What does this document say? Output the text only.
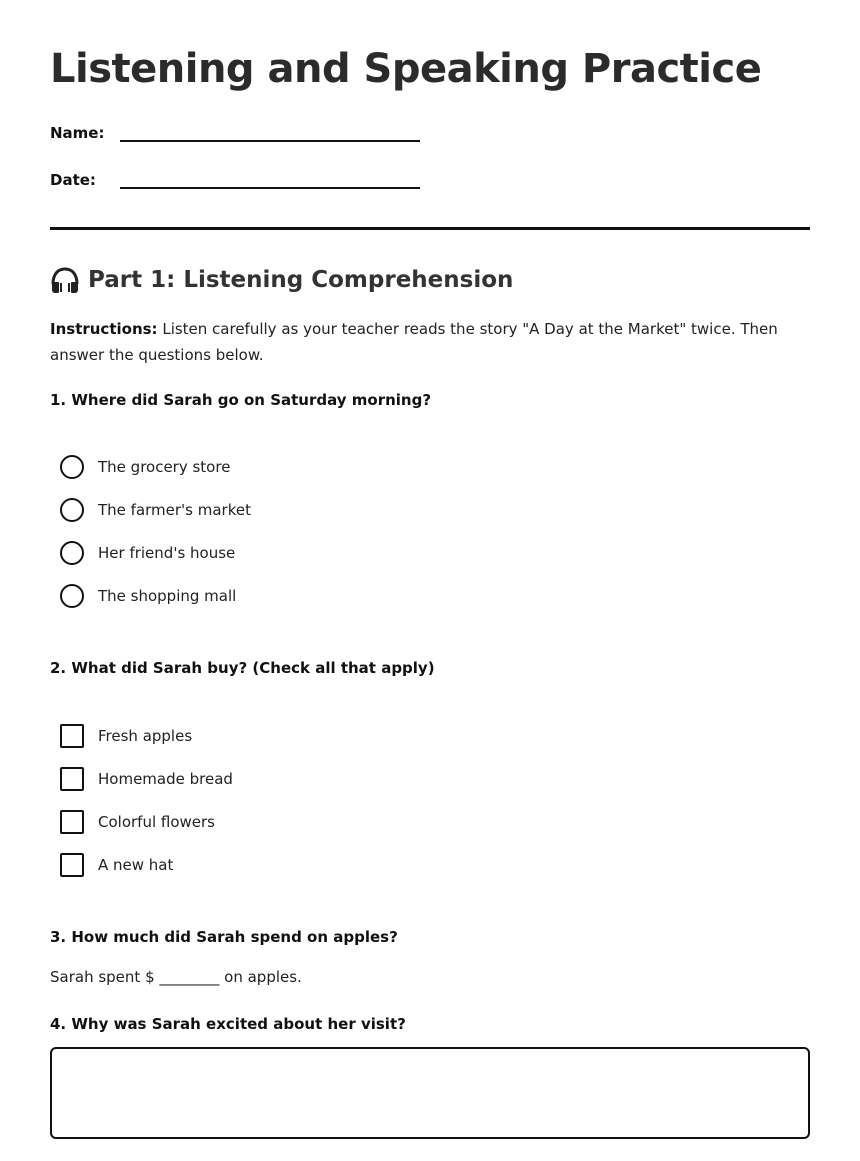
Listening and Speaking Practice
Name:
Date:
Part 1: Listening Comprehension

Instructions: Listen carefully as your teacher reads the story "A Day at the Market" twice. Then answer the questions below.

1. Where did Sarah go on Saturday morning?

The grocery store
The farmer's market
Her friend's house
The shopping mall

2. What did Sarah buy? (Check all that apply)

Fresh apples
Homemade bread
Colorful flowers
A new hat

3. How much did Sarah spend on apples?

Sarah spent $ ________ on apples.

4. Why was Sarah excited about her visit?
